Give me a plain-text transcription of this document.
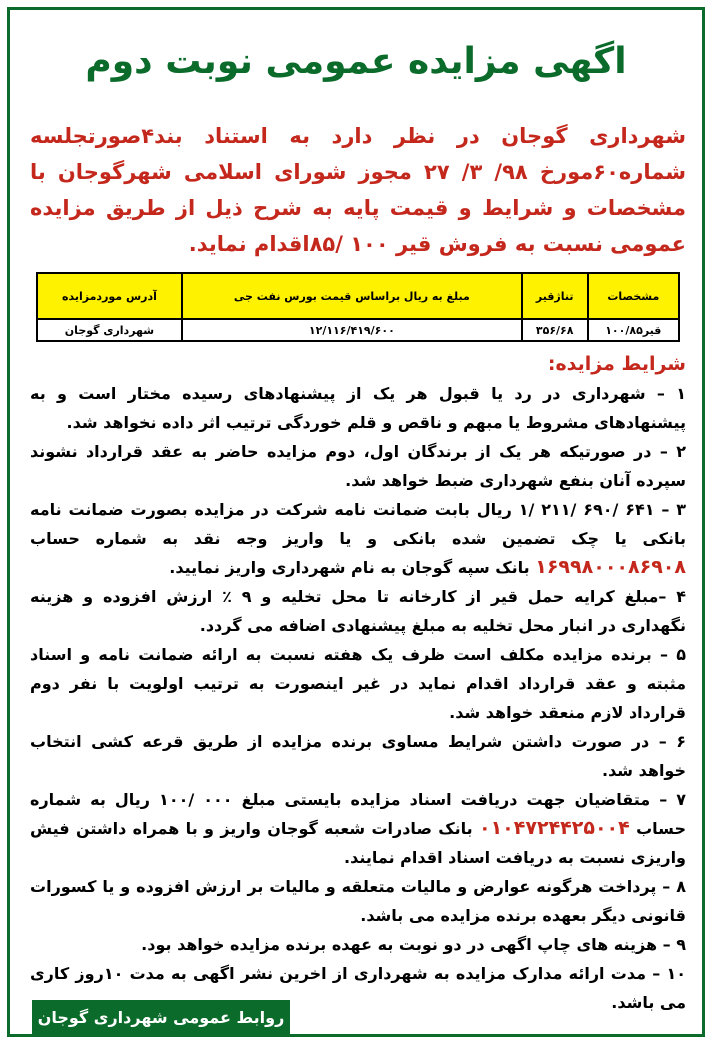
اگهی مزایده عمومی نوبت دوم
شهرداری گوجان در نظر دارد به استناد بند۴صورتجلسه شماره۶۰مورخ ۹۸/ ۳/ ۲۷ مجوز شورای اسلامی شهرگوجان با مشخصات و شرایط و قیمت پایه به شرح ذیل از طریق مزایده عمومی نسبت به فروش قیر ۱۰۰ /۸۵اقدام نماید.
مشخصات	تناژقیر	مبلغ به ریال براساس قیمت بورس نفت جی	آدرس موردمزایده
قیر۱۰۰/۸۵	۳۵۶/۶۸	۱۲/۱۱۶/۴۱۹/۶۰۰	شهرداری گوجان
شرایط مزایده:

۱ – شهرداری در رد یا قبول هر یک از پیشنهادهای رسیده مختار است و به پیشنهادهای مشروط یا مبهم و ناقص و قلم خوردگی ترتیب اثر داده نخواهد شد.

۲ – در صورتیکه هر یک از برندگان اول، دوم مزایده حاضر به عقد قرارداد نشوند سپرده آنان بنفع شهرداری ضبط خواهد شد.

۳ – ۶۴۱ /۶۹۰ /۲۱۱ /۱ ریال بابت ضمانت نامه شرکت در مزایده بصورت ضمانت نامه بانکی یا چک تضمین شده بانکی و یا واریز وجه نقد به شماره حساب ۱۶۹۹۸۰۰۰۸۶۹۰۸ بانک سپه گوجان به نام شهرداری واریز نمایید.

۴ –مبلغ کرایه حمل قیر از کارخانه تا محل تخلیه و ۹ ٪ ارزش افزوده و هزینه نگهداری در انبار محل تخلیه به مبلغ پیشنهادی اضافه می گردد.

۵ – برنده مزایده مکلف است ظرف یک هفته نسبت به ارائه ضمانت نامه و اسناد مثبته و عقد قرارداد اقدام نماید در غیر اینصورت به ترتیب اولویت با نفر دوم قرارداد لازم منعقد خواهد شد.

۶ – در صورت داشتن شرایط مساوی برنده مزایده از طریق قرعه کشی انتخاب خواهد شد.

۷ – متقاضیان جهت دریافت اسناد مزایده بایستی مبلغ ۰۰۰ /۱۰۰ ریال به شماره حساب ۰۱۰۴۷۲۴۴۲۵۰۰۴ بانک صادرات شعبه گوجان واریز و با همراه داشتن فیش واریزی نسبت به دریافت اسناد اقدام نمایند.

۸ – پرداخت هرگونه عوارض و مالیات متعلقه و مالیات بر ارزش افزوده و یا کسورات قانونی دیگر بعهده برنده مزایده می باشد.

۹ – هزینه های چاپ اگهی در دو نوبت به عهده برنده مزایده خواهد بود.

۱۰ – مدت ارائه مدارک مزایده به شهرداری از اخرین نشر اگهی به مدت ۱۰روز کاری می باشد.

روابط عمومی شهرداری گوجان
